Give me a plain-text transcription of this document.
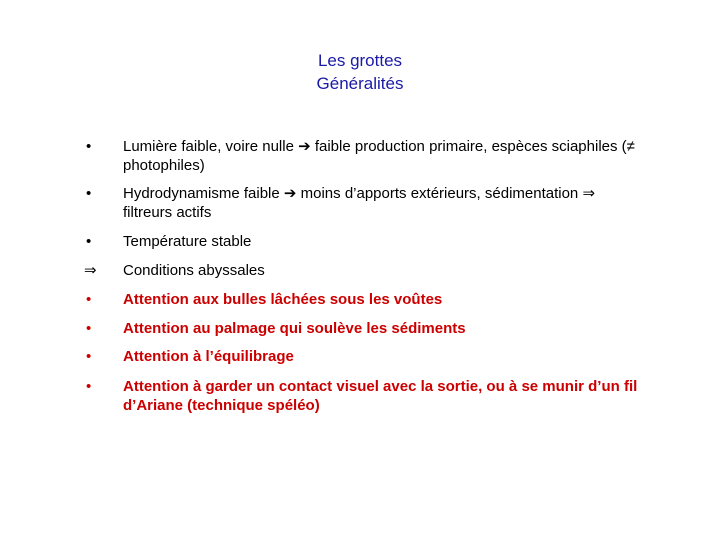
Les grottes
Généralités
•	Lumière faible, voire nulle ➔ faible production primaire, espèces sciaphiles (≠ photophiles)
•	Hydrodynamisme faible ➔ moins d’apports extérieurs, sédimentation ⇒ filtreurs actifs
•	Température stable
⇒	Conditions abyssales
•	Attention aux bulles lâchées sous les voûtes
•	Attention au palmage qui soulève les sédiments
•	Attention à l’équilibrage
•	Attention à garder un contact visuel avec la sortie, ou à se munir d’un fil d’Ariane (technique spéléo)
